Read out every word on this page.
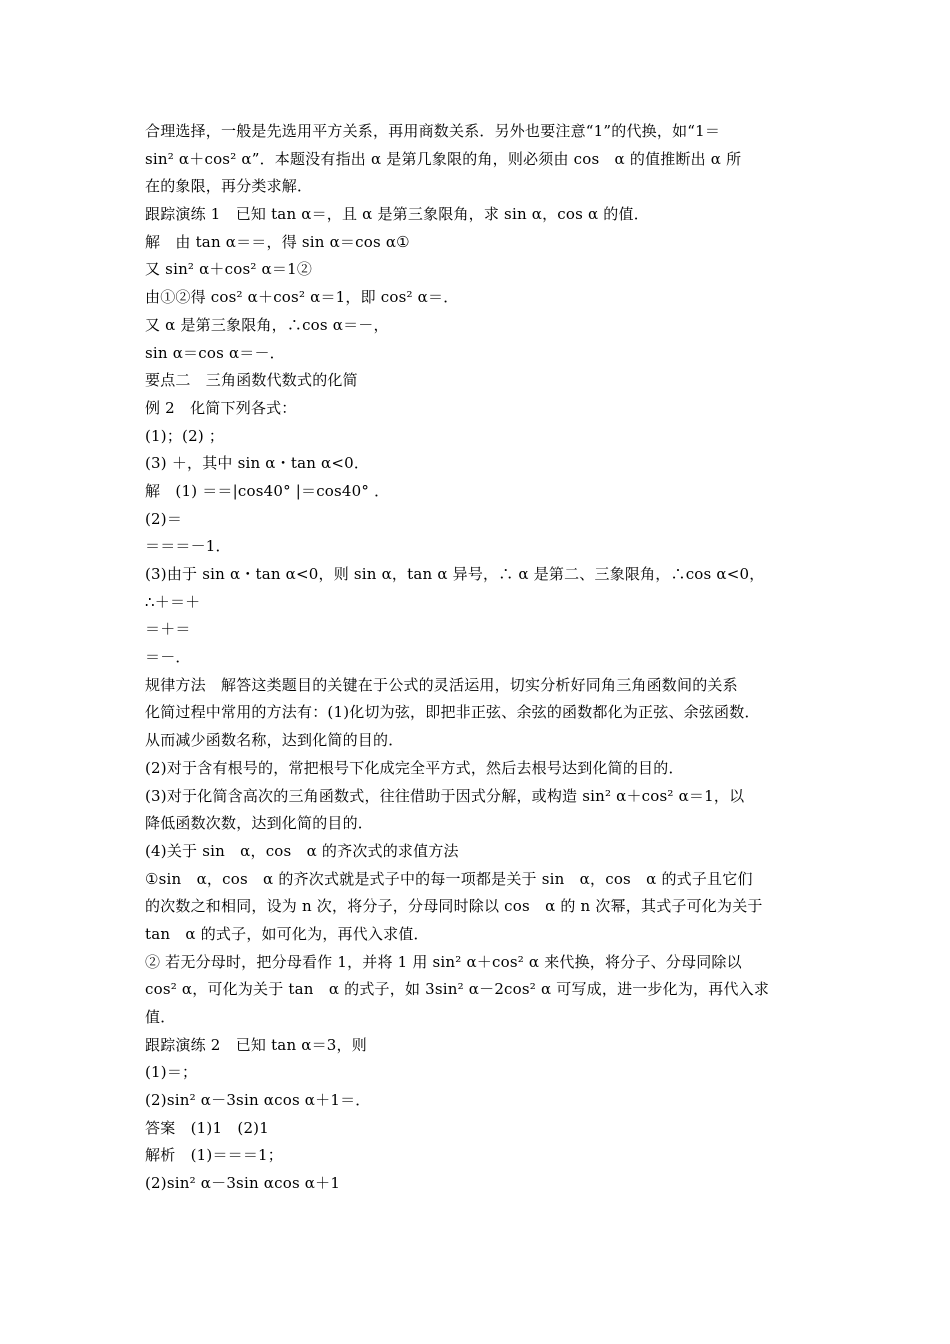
合理选择，一般是先选用平方关系，再用商数关系．另外也要注意“1”的代换，如“1＝
sin² α＋cos² α”．本题没有指出 α 是第几象限的角，则必须由 cos　α 的值推断出 α 所
在的象限，再分类求解．
跟踪演练 1　已知 tan α＝，且 α 是第三象限角，求 sin α，cos α 的值．
解　由 tan α＝＝，得 sin α＝cos α①
又 sin² α＋cos² α＝1②
由①②得 cos² α＋cos² α＝1，即 cos² α＝．
又 α 是第三象限角，∴cos α＝－，
sin α＝cos α＝－．
要点二　三角函数代数式的化简
例 2　化简下列各式：
(1)；(2) ；
(3) ＋，其中 sin α・tan α<0．
解　(1) ＝＝|cos40° |＝cos40° ．
(2)＝
＝＝＝－1．
(3)由于 sin α・tan α<0，则 sin α，tan α 异号，∴ α 是第二、三象限角，∴cos α<0，
∴＋＝＋
＝＋＝
＝－．
规律方法　解答这类题目的关键在于公式的灵活运用，切实分析好同角三角函数间的关系
化简过程中常用的方法有：(1)化切为弦，即把非正弦、余弦的函数都化为正弦、余弦函数．
从而减少函数名称，达到化简的目的．
(2)对于含有根号的，常把根号下化成完全平方式，然后去根号达到化简的目的．
(3)对于化简含高次的三角函数式，往往借助于因式分解，或构造 sin² α＋cos² α＝1，以
降低函数次数，达到化简的目的．
(4)关于 sin　α，cos　α 的齐次式的求值方法
①sin　α，cos　α 的齐次式就是式子中的每一项都是关于 sin　α，cos　α 的式子且它们
的次数之和相同，设为 n 次，将分子，分母同时除以 cos　α 的 n 次幂，其式子可化为关于
tan　α 的式子，如可化为，再代入求值．
② 若无分母时，把分母看作 1，并将 1 用 sin² α＋cos² α 来代换，将分子、分母同除以
cos² α，可化为关于 tan　α 的式子，如 3sin² α－2cos² α 可写成，进一步化为，再代入求
值．
跟踪演练 2　已知 tan α＝3，则
(1)＝；
(2)sin² α－3sin αcos α＋1＝．
答案　(1)1　(2)1
解析　(1)＝＝＝1；
(2)sin² α－3sin αcos α＋1
